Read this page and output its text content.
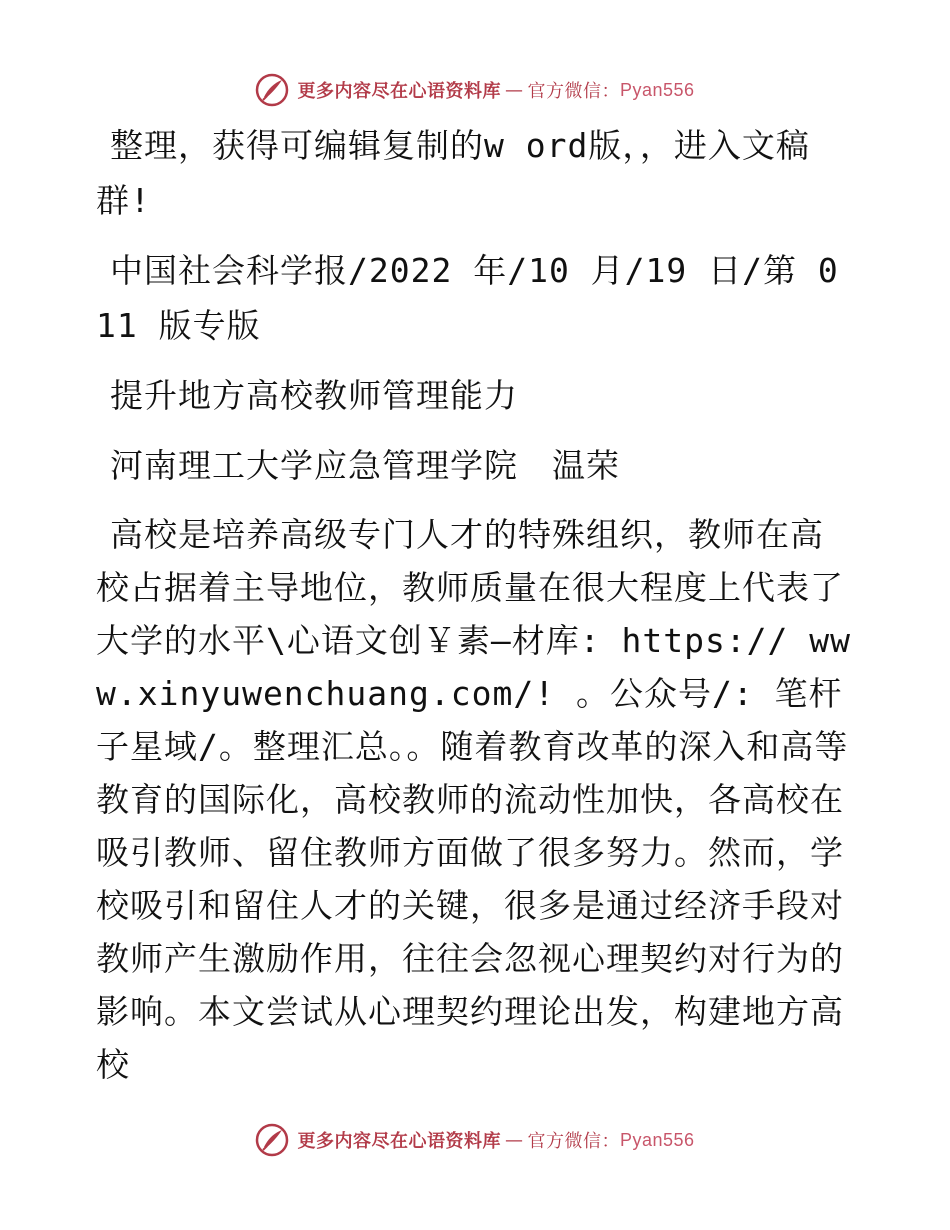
更多内容尽在心语资料库 — 官方微信： Pyan556

整理，获得可编辑复制的w ord版，，进入文稿群!

中国社会科学报/2022 年/10 月/19 日/第 011 版专版

提升地方高校教师管理能力

河南理工大学应急管理学院　温荣

高校是培养高级专门人才的特殊组织，教师在高校占据着主导地位，教师质量在很大程度上代表了大学的水平\心语文创￥素—材库: https:// www.xinyuwenchuang.com/! 。公众号/: 笔杆子星域/。整理汇总。。随着教育改革的深入和高等教育的国际化，高校教师的流动性加快，各高校在吸引教师、留住教师方面做了很多努力。然而，学校吸引和留住人才的关键，很多是通过经济手段对教师产生激励作用，往往会忽视心理契约对行为的影响。本文尝试从心理契约理论出发，构建地方高校

更多内容尽在心语资料库 — 官方微信： Pyan556
